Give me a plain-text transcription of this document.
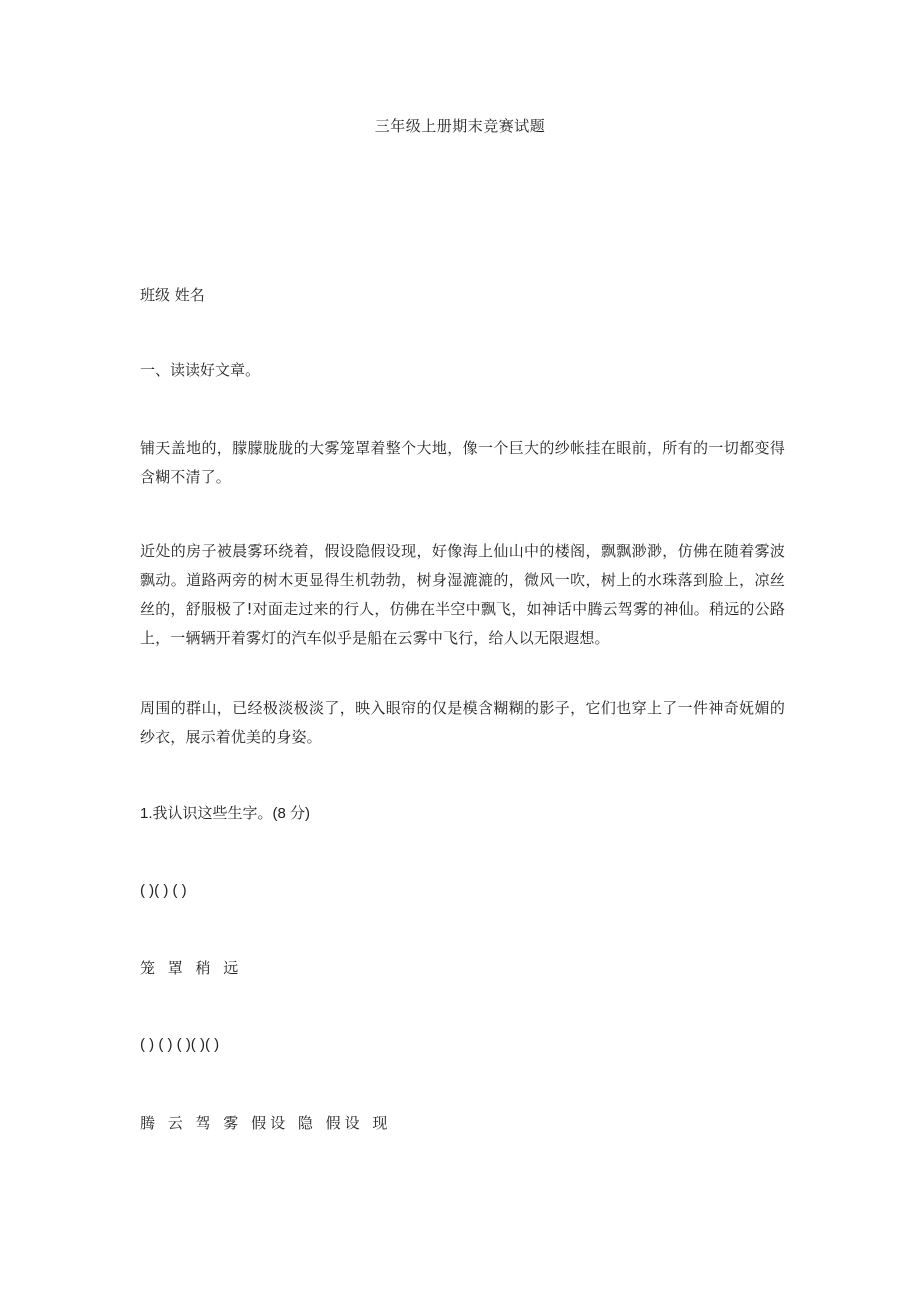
三年级上册期末竞赛试题
班级 姓名
一、读读好文章。
铺天盖地的，朦朦胧胧的大雾笼罩着整个大地，像一个巨大的纱帐挂在眼前，所有的一切都变得含糊不清了。
近处的房子被晨雾环绕着，假设隐假设现，好像海上仙山中的楼阁，飘飘渺渺，仿佛在随着雾波飘动。道路两旁的树木更显得生机勃勃，树身湿漉漉的，微风一吹，树上的水珠落到脸上，凉丝丝的，舒服极了!对面走过来的行人，仿佛在半空中飘飞，如神话中腾云驾雾的神仙。稍远的公路上，一辆辆开着雾灯的汽车似乎是船在云雾中飞行，给人以无限遐想。
周围的群山，已经极淡极淡了，映入眼帘的仅是模含糊糊的影子，它们也穿上了一件神奇妩媚的纱衣，展示着优美的身姿。
1.我认识这些生字。(8 分)
( )( ) ( )
笼 罩 稍 远
( ) ( ) ( )( )( )
腾 云 驾 雾 假设 隐 假设 现
